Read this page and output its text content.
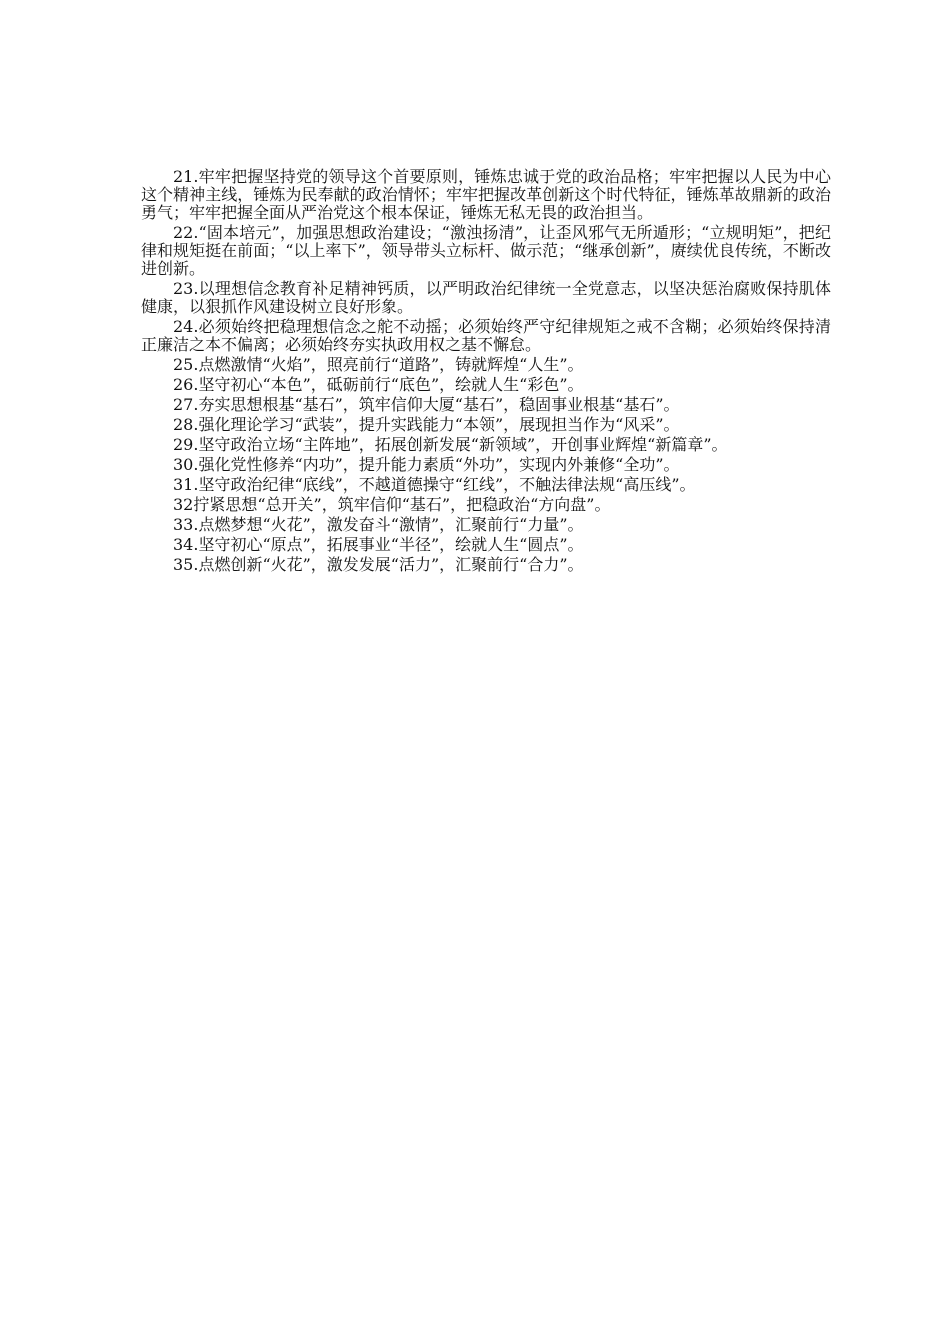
21.牢牢把握坚持党的领导这个首要原则，锤炼忠诚于党的政治品格；牢牢把握以人民为中心这个精神主线，锤炼为民奉献的政治情怀；牢牢把握改革创新这个时代特征，锤炼革故鼎新的政治勇气；牢牢把握全面从严治党这个根本保证，锤炼无私无畏的政治担当。

22.“固本培元”，加强思想政治建设；“激浊扬清”，让歪风邪气无所遁形；“立规明矩”，把纪律和规矩挺在前面；“以上率下”，领导带头立标杆、做示范；“继承创新”，赓续优良传统，不断改进创新。

23.以理想信念教育补足精神钙质，以严明政治纪律统一全党意志，以坚决惩治腐败保持肌体健康，以狠抓作风建设树立良好形象。

24.必须始终把稳理想信念之舵不动摇；必须始终严守纪律规矩之戒不含糊；必须始终保持清正廉洁之本不偏离；必须始终夯实执政用权之基不懈怠。

25.点燃激情“火焰”，照亮前行“道路”，铸就辉煌“人生”。

26.坚守初心“本色”，砥砺前行“底色”，绘就人生“彩色”。

27.夯实思想根基“基石”，筑牢信仰大厦“基石”，稳固事业根基“基石”。

28.强化理论学习“武装”，提升实践能力“本领”，展现担当作为“风采”。

29.坚守政治立场“主阵地”，拓展创新发展“新领域”，开创事业辉煌“新篇章”。

30.强化党性修养“内功”，提升能力素质“外功”，实现内外兼修“全功”。

31.坚守政治纪律“底线”，不越道德操守“红线”，不触法律法规“高压线”。

32拧紧思想“总开关”，筑牢信仰“基石”，把稳政治“方向盘”。

33.点燃梦想“火花”，激发奋斗“激情”，汇聚前行“力量”。

34.坚守初心“原点”，拓展事业“半径”，绘就人生“圆点”。

35.点燃创新“火花”，激发发展“活力”，汇聚前行“合力”。
